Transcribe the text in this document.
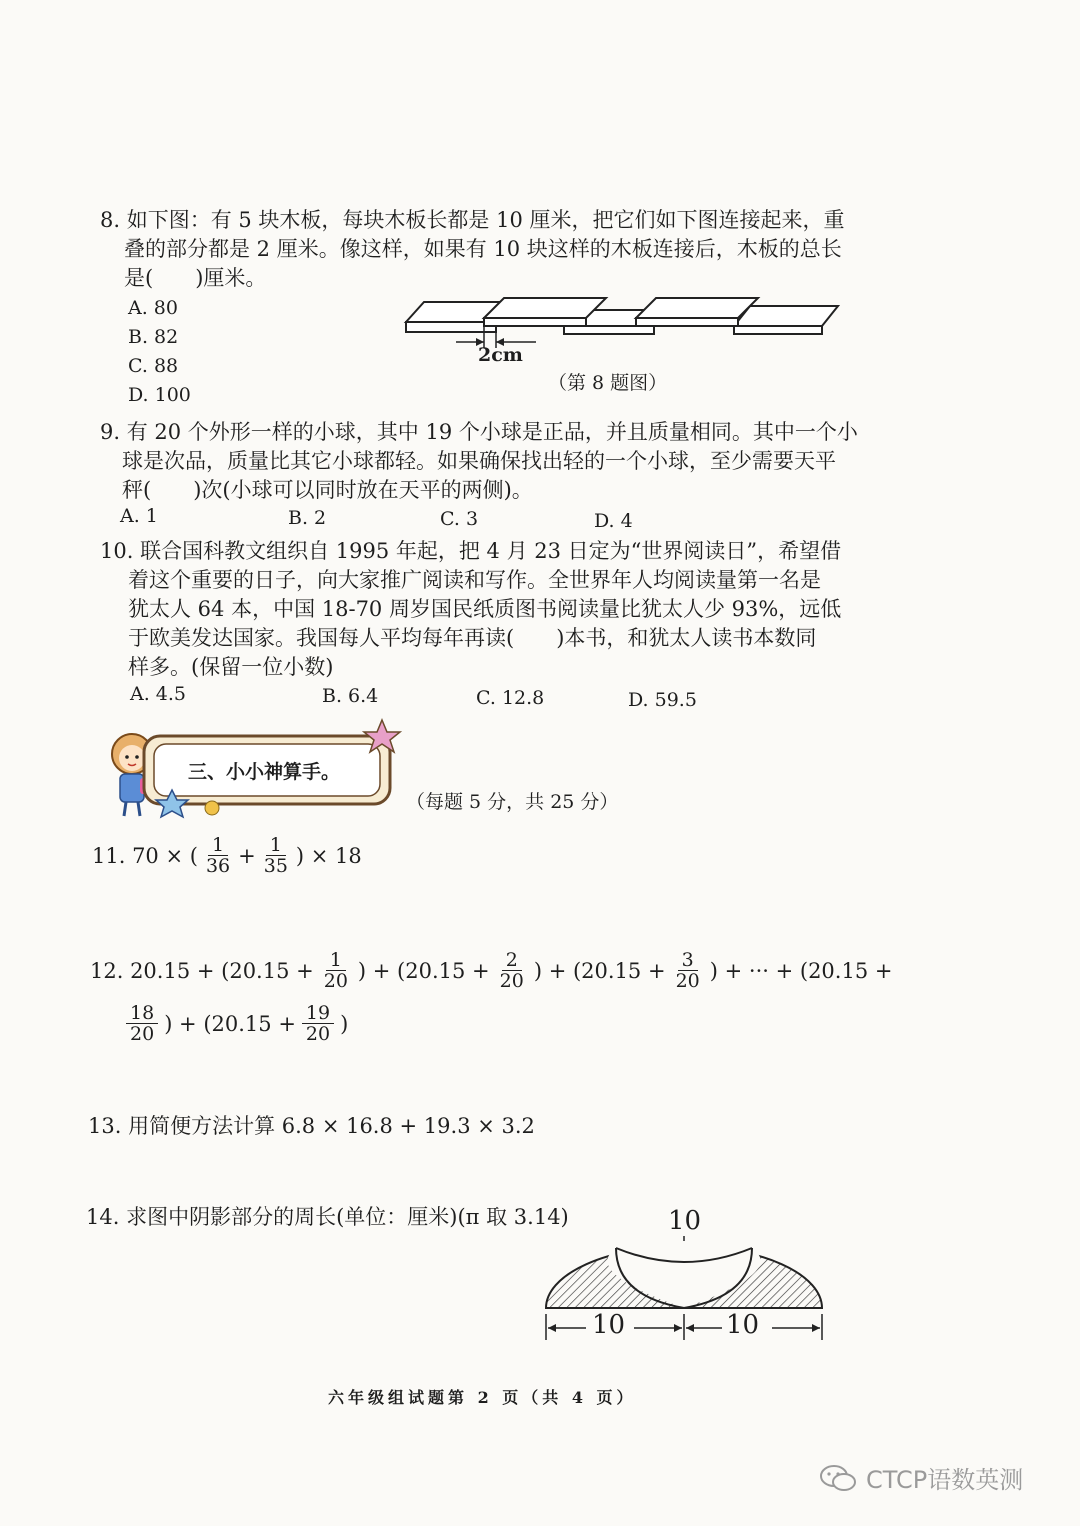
8. 如下图：有 5 块木板，每块木板长都是 10 厘米，把它们如下图连接起来，重
叠的部分都是 2 厘米。像这样，如果有 10 块这样的木板连接后，木板的总长
是(　　)厘米。
A. 80
B. 82
C. 88
D. 100
2cm
（第 8 题图）
9. 有 20 个外形一样的小球，其中 19 个小球是正品，并且质量相同。其中一个小
球是次品，质量比其它小球都轻。如果确保找出轻的一个小球，至少需要天平
秤(　　)次(小球可以同时放在天平的两侧)。
A. 1	B. 2	C. 3	D. 4
10. 联合国科教文组织自 1995 年起，把 4 月 23 日定为“世界阅读日”，希望借
着这个重要的日子，向大家推广阅读和写作。全世界年人均阅读量第一名是
犹太人 64 本，中国 18-70 周岁国民纸质图书阅读量比犹太人少 93%，远低
于欧美发达国家。我国每人平均每年再读(　　)本书，和犹太人读书本数同
样多。(保留一位小数)
A. 4.5	B. 6.4	C. 12.8	D. 59.5
三、小小神算手。
（每题 5 分，共 25 分）
11. 70 × ( $\frac{1}{36} + \frac{1}{35}$ ) × 18
12. $20.15 + (20.15 + \frac{1}{20}$ ) + ($20.15 + \frac{2}{20}$ ) + ($20.15 + \frac{3}{20}$ ) + ··· + (20.15 +
$\frac{18}{20}$ ) + ($20.15 + \frac{19}{20}$ )
13. 用简便方法计算 6.8 × 16.8 + 19.3 × 3.2
14. 求图中阴影部分的周长(单位：厘米)(π 取 3.14)	10
10	10
六年级组试题第 2 页（共 4 页）
CTCP语数英测
